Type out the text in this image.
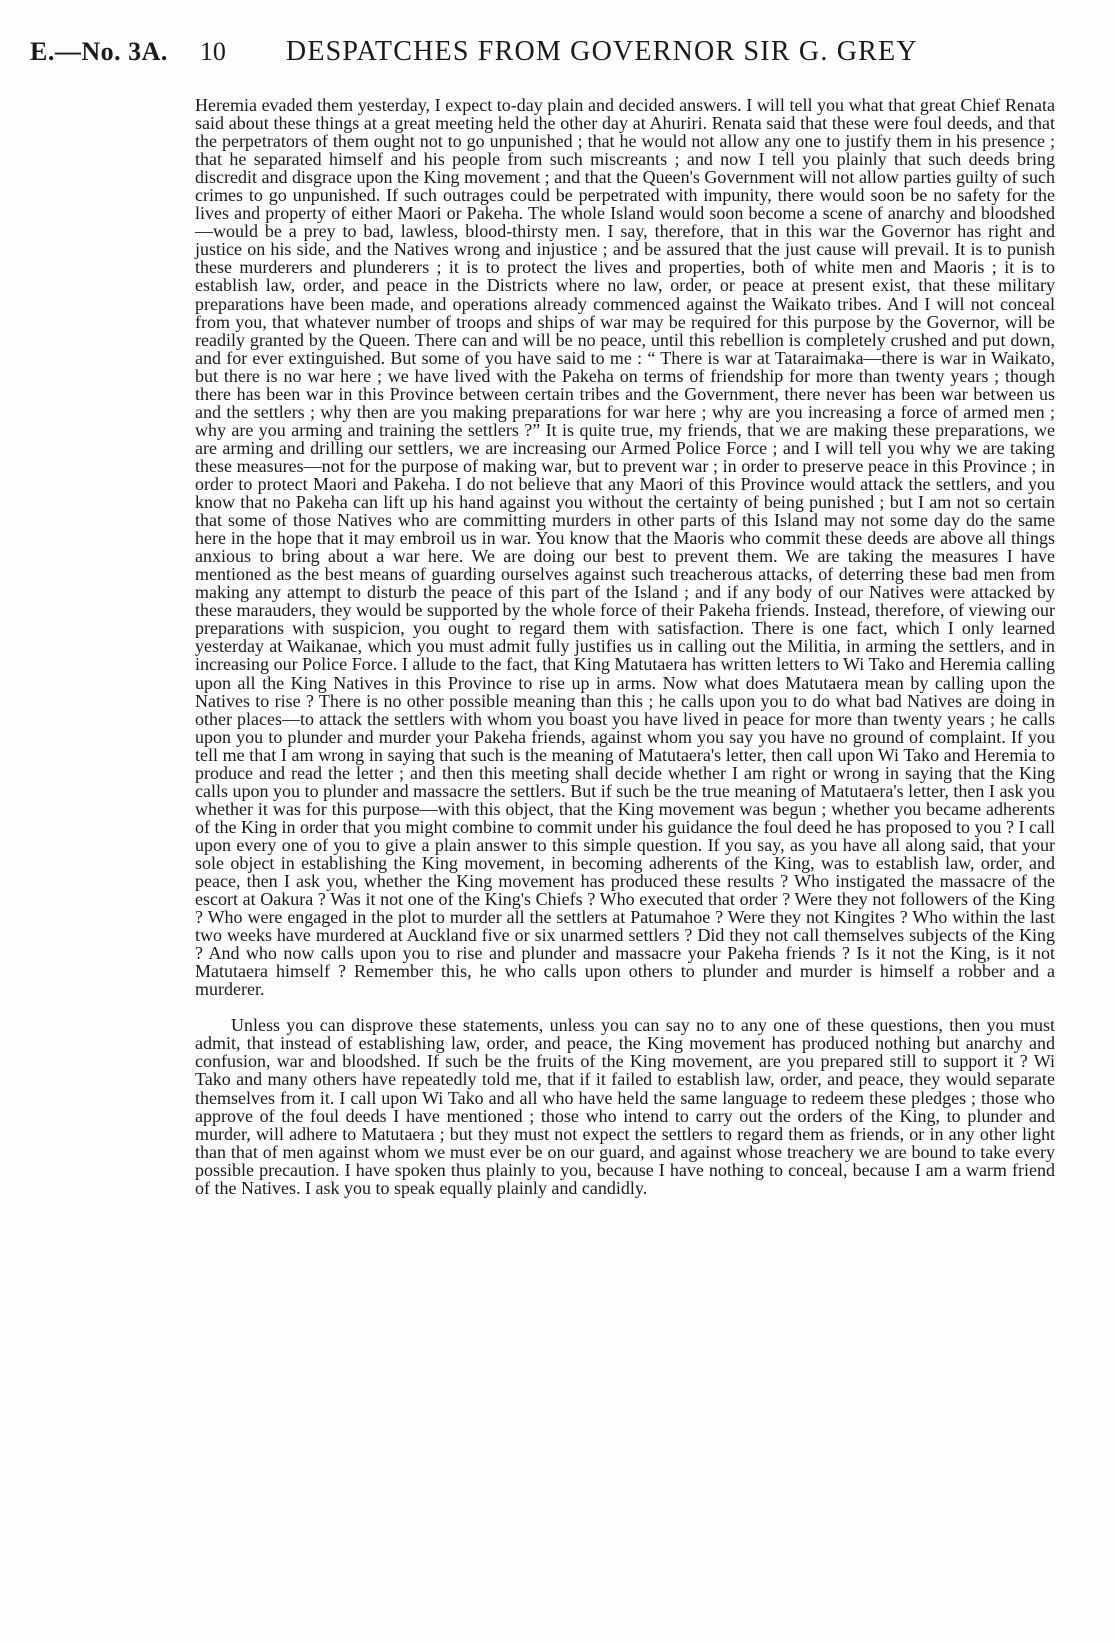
E.—No. 3A. 10 DESPATCHES FROM GOVERNOR SIR G. GREY

Heremia evaded them yesterday, I expect to-day plain and decided answers. I will tell you what that great Chief Renata said about these things at a great meeting held the other day at Ahuriri. Renata said that these were foul deeds, and that the perpetrators of them ought not to go unpunished ; that he would not allow any one to justify them in his presence ; that he separated himself and his people from such miscreants ; and now I tell you plainly that such deeds bring discredit and disgrace upon the King movement ; and that the Queen's Government will not allow parties guilty of such crimes to go unpunished. If such outrages could be perpetrated with impunity, there would soon be no safety for the lives and property of either Maori or Pakeha. The whole Island would soon become a scene of anarchy and bloodshed—would be a prey to bad, lawless, blood-thirsty men. I say, therefore, that in this war the Governor has right and justice on his side, and the Natives wrong and injustice ; and be assured that the just cause will prevail. It is to punish these murderers and plunderers ; it is to protect the lives and properties, both of white men and Maoris ; it is to establish law, order, and peace in the Districts where no law, order, or peace at present exist, that these military preparations have been made, and operations already commenced against the Waikato tribes. And I will not conceal from you, that whatever number of troops and ships of war may be required for this purpose by the Governor, will be readily granted by the Queen. There can and will be no peace, until this rebellion is completely crushed and put down, and for ever extinguished. But some of you have said to me : “ There is war at Tataraimaka—there is war in Waikato, but there is no war here ; we have lived with the Pakeha on terms of friendship for more than twenty years ; though there has been war in this Province between certain tribes and the Government, there never has been war between us and the settlers ; why then are you making preparations for war here ; why are you increasing a force of armed men ; why are you arming and training the settlers ?” It is quite true, my friends, that we are making these preparations, we are arming and drilling our settlers, we are increasing our Armed Police Force ; and I will tell you why we are taking these measures—not for the purpose of making war, but to prevent war ; in order to preserve peace in this Province ; in order to protect Maori and Pakeha. I do not believe that any Maori of this Province would attack the settlers, and you know that no Pakeha can lift up his hand against you without the certainty of being punished ; but I am not so certain that some of those Natives who are committing murders in other parts of this Island may not some day do the same here in the hope that it may embroil us in war. You know that the Maoris who commit these deeds are above all things anxious to bring about a war here. We are doing our best to prevent them. We are taking the measures I have mentioned as the best means of guarding ourselves against such treacherous attacks, of deterring these bad men from making any attempt to disturb the peace of this part of the Island ; and if any body of our Natives were attacked by these marauders, they would be supported by the whole force of their Pakeha friends. Instead, therefore, of viewing our preparations with suspicion, you ought to regard them with satisfaction. There is one fact, which I only learned yesterday at Waikanae, which you must admit fully justifies us in calling out the Militia, in arming the settlers, and in increasing our Police Force. I allude to the fact, that King Matutaera has written letters to Wi Tako and Heremia calling upon all the King Natives in this Province to rise up in arms. Now what does Matutaera mean by calling upon the Natives to rise ? There is no other possible meaning than this ; he calls upon you to do what bad Natives are doing in other places—to attack the settlers with whom you boast you have lived in peace for more than twenty years ; he calls upon you to plunder and murder your Pakeha friends, against whom you say you have no ground of complaint. If you tell me that I am wrong in saying that such is the meaning of Matutaera's letter, then call upon Wi Tako and Heremia to produce and read the letter ; and then this meeting shall decide whether I am right or wrong in saying that the King calls upon you to plunder and massacre the settlers. But if such be the true meaning of Matutaera's letter, then I ask you whether it was for this purpose—with this object, that the King movement was begun ; whether you became adherents of the King in order that you might combine to commit under his guidance the foul deed he has proposed to you ? I call upon every one of you to give a plain answer to this simple question. If you say, as you have all along said, that your sole object in establishing the King movement, in becoming adherents of the King, was to establish law, order, and peace, then I ask you, whether the King movement has produced these results ? Who instigated the massacre of the escort at Oakura ? Was it not one of the King's Chiefs ? Who executed that order ? Were they not followers of the King ? Who were engaged in the plot to murder all the settlers at Patumahoe ? Were they not Kingites ? Who within the last two weeks have murdered at Auckland five or six unarmed settlers ? Did they not call themselves subjects of the King ? And who now calls upon you to rise and plunder and massacre your Pakeha friends ? Is it not the King, is it not Matutaera himself ? Remember this, he who calls upon others to plunder and murder is himself a robber and a murderer.

Unless you can disprove these statements, unless you can say no to any one of these questions, then you must admit, that instead of establishing law, order, and peace, the King movement has produced nothing but anarchy and confusion, war and bloodshed. If such be the fruits of the King movement, are you prepared still to support it ? Wi Tako and many others have repeatedly told me, that if it failed to establish law, order, and peace, they would separate themselves from it. I call upon Wi Tako and all who have held the same language to redeem these pledges ; those who approve of the foul deeds I have mentioned ; those who intend to carry out the orders of the King, to plunder and murder, will adhere to Matutaera ; but they must not expect the settlers to regard them as friends, or in any other light than that of men against whom we must ever be on our guard, and against whose treachery we are bound to take every possible precaution. I have spoken thus plainly to you, because I have nothing to conceal, because I am a warm friend of the Natives. I ask you to speak equally plainly and candidly.
